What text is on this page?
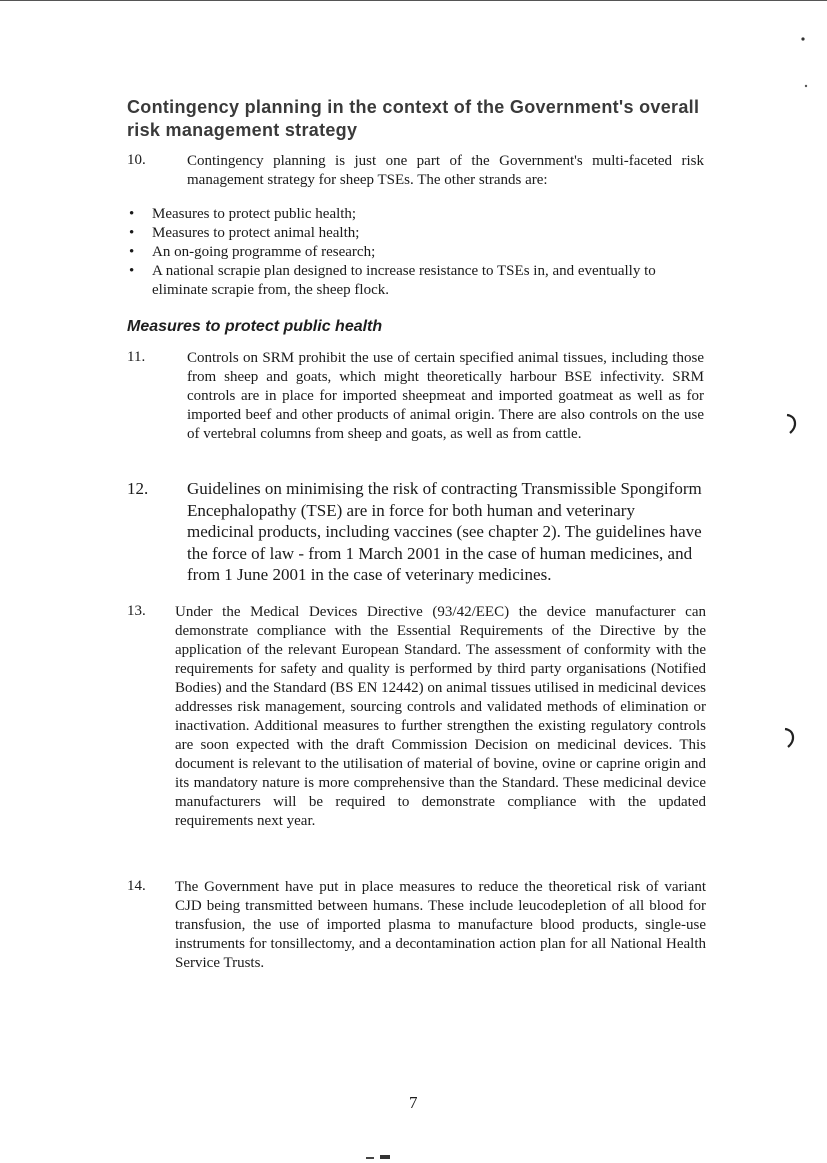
Contingency planning in the context of the Government's overall risk management strategy
10.	Contingency planning is just one part of the Government's multi-faceted risk management strategy for sheep TSEs. The other strands are:
• Measures to protect public health;
• Measures to protect animal health;
• An on-going programme of research;
• A national scrapie plan designed to increase resistance to TSEs in, and eventually to eliminate scrapie from, the sheep flock.
Measures to protect public health
11.	Controls on SRM prohibit the use of certain specified animal tissues, including those from sheep and goats, which might theoretically harbour BSE infectivity. SRM controls are in place for imported sheepmeat and imported goatmeat as well as for imported beef and other products of animal origin. There are also controls on the use of vertebral columns from sheep and goats, as well as from cattle.
12. Guidelines on minimising the risk of contracting Transmissible Spongiform Encephalopathy (TSE) are in force for both human and veterinary medicinal products, including vaccines (see chapter 2). The guidelines have the force of law - from 1 March 2001 in the case of human medicines, and from 1 June 2001 in the case of veterinary medicines.
13. Under the Medical Devices Directive (93/42/EEC) the device manufacturer can demonstrate compliance with the Essential Requirements of the Directive by the application of the relevant European Standard. The assessment of conformity with the requirements for safety and quality is performed by third party organisations (Notified Bodies) and the Standard (BS EN 12442) on animal tissues utilised in medicinal devices addresses risk management, sourcing controls and validated methods of elimination or inactivation. Additional measures to further strengthen the existing regulatory controls are soon expected with the draft Commission Decision on medicinal devices. This document is relevant to the utilisation of material of bovine, ovine or caprine origin and its mandatory nature is more comprehensive than the Standard. These medicinal device manufacturers will be required to demonstrate compliance with the updated requirements next year.
14. The Government have put in place measures to reduce the theoretical risk of variant CJD being transmitted between humans. These include leucodepletion of all blood for transfusion, the use of imported plasma to manufacture blood products, single-use instruments for tonsillectomy, and a decontamination action plan for all National Health Service Trusts.
7
